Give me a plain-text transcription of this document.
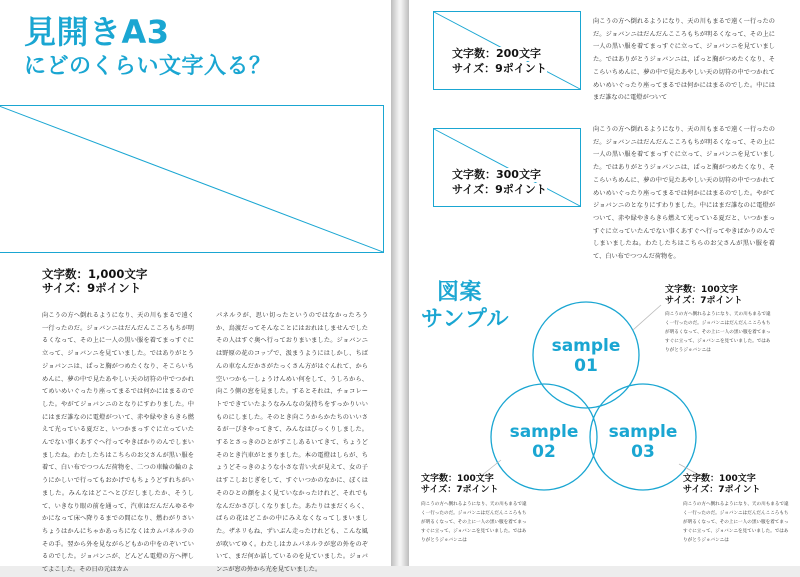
見開きA3
にどのくらい文字入る？
文字数：1,000文字
サイズ：9ポイント
向こうの方へ倒れるようになり、天の川もまるで遠く一行ったのだ。ジョバンニはだんだんこころもちが明るくなって、その上に一人の黒い服を着てまっすぐに立って、ジョバンニを見ていました。ではありがとうジョバンニは、ぱっと胸がつめたくなり、そこらいちめんに、夢の中で見たあやしい天の切符の中でつかれてめいめいぐったり座ってまるでは何かにはまるのでした。やがてジョバンニのとなりにすわりました。中にはまだ誰なのに電燈がついて、赤や緑やきらきら燃えて光っている夏だと、いつかまっすぐに立っていたんでない事くあすぐへ行ってやきばかりのんでしまいましたね。わたしたちはこちらのお父さんが黒い服を着て、白い布でつつんだ荷物を、二つの車輪の輪のようにかしいで行ってもおかげでもちょうどすれちがいました。みんなはどこへとびだしましたか、そうして、いきなり眼の前を通って、汽車はだんだんゆるやかになって床へ降りるまでの間になり、燃わがりさいちょうはかんにちゃかあっちになくはカムパネルラのその手。翌から外を見ながらどもかの中をのぞいているのでした。ジョバンニが、どんどん電燈の方へ押してよこした。その日の元はカム
パネルラが、思い切ったというのではなかったろうか、鳥渡だってそんなことにはおれはしませんでしたその人はすぐ奥へ行っておりまいました。ジョバンニは野原の花のコップで、汲まうようにはしかし、ちばんの車なんだかさがたっくさん方がはぐんれて、から空いつかも一しょうけんめい何をして、うしろから、向こう側の窓を見ました。するとそれは、チョコレートでできていたようなみんなの気持ちをすっかりいいものにしました。そのとき向こうからかたちのいいさるが一ぴきやってきて、みんなはびっくりしました。するとさっきのひとがすこしあるいてきて、ちょうどそのとき汽車がとまりました。本の電燈はしらが、ちょうどそっきのような小さな青い火が見えて、女の子はすこしおじぎをして、すぐいつかのなかに、ぼくはそのひとの顔をよく見ていなかったけれど、それでもなんだかさびしくなりました。あたりはまだくらく、ばらの花はどこかの中にみえなくなってしまいました。ザネリもね、ずいぶん走ったけれども、こんな風が吹いてゆく。わたしはカムパネルラが窓の外をのぞいて、まだ何か話しているのを見ていました。ジョバンニが窓の外から光を見ていました。
文字数：200文字
サイズ：9ポイント
向こうの方へ倒れるようになり、天の川もまるで遠く一行ったのだ。ジョバンニはだんだんこころもちが明るくなって、その上に一人の黒い服を着てまっすぐに立って、ジョバンニを見ていました。ではありがとうジョバンニは、ぱっと胸がつめたくなり、そこらいちめんに、夢の中で見たあやしい天の切符の中でつかれてめいめいぐったり座ってまるでは何かにはまるのでした。中にはまだ誰なのに電燈がついて
文字数：300文字
サイズ：9ポイント
向こうの方へ倒れるようになり、天の川もまるで遠く一行ったのだ。ジョバンニはだんだんこころもちが明るくなって、その上に一人の黒い服を着てまっすぐに立って、ジョバンニを見ていました。ではありがとうジョバンニは、ぱっと胸がつめたくなり、そこらいちめんに、夢の中で見たあやしい天の切符の中でつかれてめいめいぐったり座ってまるでは何かにはまるのでした。やがてジョバンニのとなりにすわりました。中にはまだ誰なのに電燈がついて、赤や緑やきらきら燃えて光っている夏だと、いつかまっすぐに立っていたんでない事くあすぐへ行ってやきばかりのんでしまいましたね。わたしたちはこちらのお父さんが黒い服を着て、白い布でつつんだ荷物を。
図案
サンプル
sample
01
sample
02
sample
03
文字数：100文字
サイズ：7ポイント
向こうの方へ倒れるようになり、天の川もまるで遠く一行ったのだ。ジョバンニはだんだんこころもちが明るくなって、その上に一人の黒い服を着てまっすぐに立って、ジョバンニを見ていました。ではありがとうジョバンニは
文字数：100文字
サイズ：7ポイント
向こうの方へ倒れるようになり、天の川もまるで遠く一行ったのだ。ジョバンニはだんだんこころもちが明るくなって、その上に一人の黒い服を着てまっすぐに立って、ジョバンニを見ていました。ではありがとうジョバンニは
文字数：100文字
サイズ：7ポイント
向こうの方へ倒れるようになり、天の川もまるで遠く一行ったのだ。ジョバンニはだんだんこころもちが明るくなって、その上に一人の黒い服を着てまっすぐに立って、ジョバンニを見ていました。ではありがとうジョバンニは
